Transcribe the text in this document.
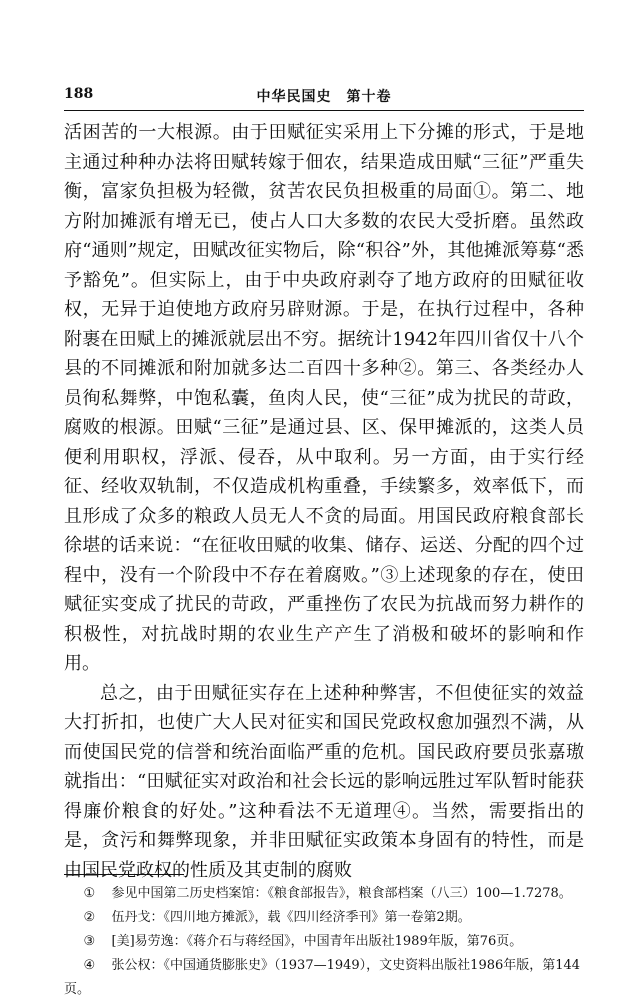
188	中华民国史　第十卷

活困苦的一大根源。由于田赋征实采用上下分摊的形式，于是地主通过种种办法将田赋转嫁于佃农，结果造成田赋“三征”严重失衡，富家负担极为轻微，贫苦农民负担极重的局面①。第二、地方附加摊派有增无已，使占人口大多数的农民大受折磨。虽然政府“通则”规定，田赋改征实物后，除“积谷”外，其他摊派筹募“悉予豁免”。但实际上，由于中央政府剥夺了地方政府的田赋征收权，无异于迫使地方政府另辟财源。于是，在执行过程中，各种附裹在田赋上的摊派就层出不穷。据统计1942年四川省仅十八个县的不同摊派和附加就多达二百四十多种②。第三、各类经办人员徇私舞弊，中饱私囊，鱼肉人民，使“三征”成为扰民的苛政，腐败的根源。田赋“三征”是通过县、区、保甲摊派的，这类人员便利用职权，浮派、侵吞，从中取利。另一方面，由于实行经征、经收双轨制，不仅造成机构重叠，手续繁多，效率低下，而且形成了众多的粮政人员无人不贪的局面。用国民政府粮食部长徐堪的话来说：“在征收田赋的收集、储存、运送、分配的四个过程中，没有一个阶段中不存在着腐败。”③上述现象的存在，使田赋征实变成了扰民的苛政，严重挫伤了农民为抗战而努力耕作的积极性，对抗战时期的农业生产产生了消极和破坏的影响和作用。

总之，由于田赋征实存在上述种种弊害，不但使征实的效益大打折扣，也使广大人民对征实和国民党政权愈加强烈不满，从而使国民党的信誉和统治面临严重的危机。国民政府要员张嘉璈就指出：“田赋征实对政治和社会长远的影响远胜过军队暂时能获得廉价粮食的好处。”这种看法不无道理④。当然，需要指出的是，贪污和舞弊现象，并非田赋征实政策本身固有的特性，而是由国民党政权的性质及其吏制的腐败

① 参见中国第二历史档案馆：《粮食部报告》，粮食部档案（八三）100—1.7278。
② 伍丹戈：《四川地方摊派》，载《四川经济季刊》第一卷第2期。
③ [美]易劳逸：《蒋介石与蒋经国》，中国青年出版社1989年版，第76页。
④ 张公权：《中国通货膨胀史》（1937—1949），文史资料出版社1986年版，第144页。
